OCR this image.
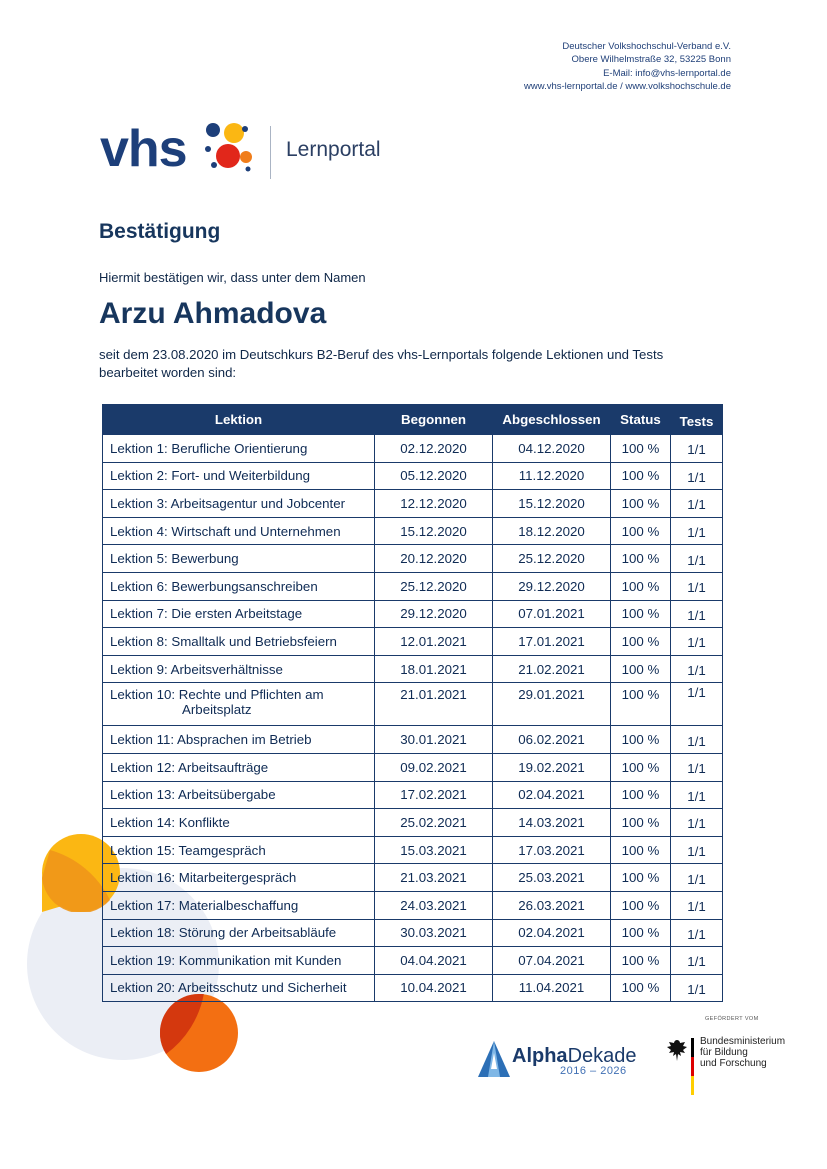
Deutscher Volkshochschul-Verband e.V.
Obere Wilhelmstraße 32, 53225 Bonn
E-Mail: info@vhs-lernportal.de
www.vhs-lernportal.de / www.volkshochschule.de
vhs	Lernportal
Bestätigung
Hiermit bestätigen wir, dass unter dem Namen
Arzu Ahmadova
seit dem 23.08.2020 im Deutschkurs B2-Beruf des vhs-Lernportals folgende Lektionen und Tests bearbeitet worden sind:
Lektion	Begonnen	Abgeschlossen	Status	Tests
Lektion 1: Berufliche Orientierung	02.12.2020	04.12.2020	100 %	1/1
Lektion 2: Fort- und Weiterbildung	05.12.2020	11.12.2020	100 %	1/1
Lektion 3: Arbeitsagentur und Jobcenter	12.12.2020	15.12.2020	100 %	1/1
Lektion 4: Wirtschaft und Unternehmen	15.12.2020	18.12.2020	100 %	1/1
Lektion 5: Bewerbung	20.12.2020	25.12.2020	100 %	1/1
Lektion 6: Bewerbungsanschreiben	25.12.2020	29.12.2020	100 %	1/1
Lektion 7: Die ersten Arbeitstage	29.12.2020	07.01.2021	100 %	1/1
Lektion 8: Smalltalk und Betriebsfeiern	12.01.2021	17.01.2021	100 %	1/1
Lektion 9: Arbeitsverhältnisse	18.01.2021	21.02.2021	100 %	1/1
Lektion 10: Rechte und Pflichten am
Arbeitsplatz	21.01.2021	29.01.2021	100 %	1/1
Lektion 11: Absprachen im Betrieb	30.01.2021	06.02.2021	100 %	1/1
Lektion 12: Arbeitsaufträge	09.02.2021	19.02.2021	100 %	1/1
Lektion 13: Arbeitsübergabe	17.02.2021	02.04.2021	100 %	1/1
Lektion 14: Konflikte	25.02.2021	14.03.2021	100 %	1/1
Lektion 15: Teamgespräch	15.03.2021	17.03.2021	100 %	1/1
Lektion 16: Mitarbeitergespräch	21.03.2021	25.03.2021	100 %	1/1
Lektion 17: Materialbeschaffung	24.03.2021	26.03.2021	100 %	1/1
Lektion 18: Störung der Arbeitsabläufe	30.03.2021	02.04.2021	100 %	1/1
Lektion 19: Kommunikation mit Kunden	04.04.2021	07.04.2021	100 %	1/1
Lektion 20: Arbeitsschutz und Sicherheit	10.04.2021	11.04.2021	100 %	1/1
AlphaDekade
2016 – 2026
GEFÖRDERT VOM
Bundesministerium
für Bildung
und Forschung
